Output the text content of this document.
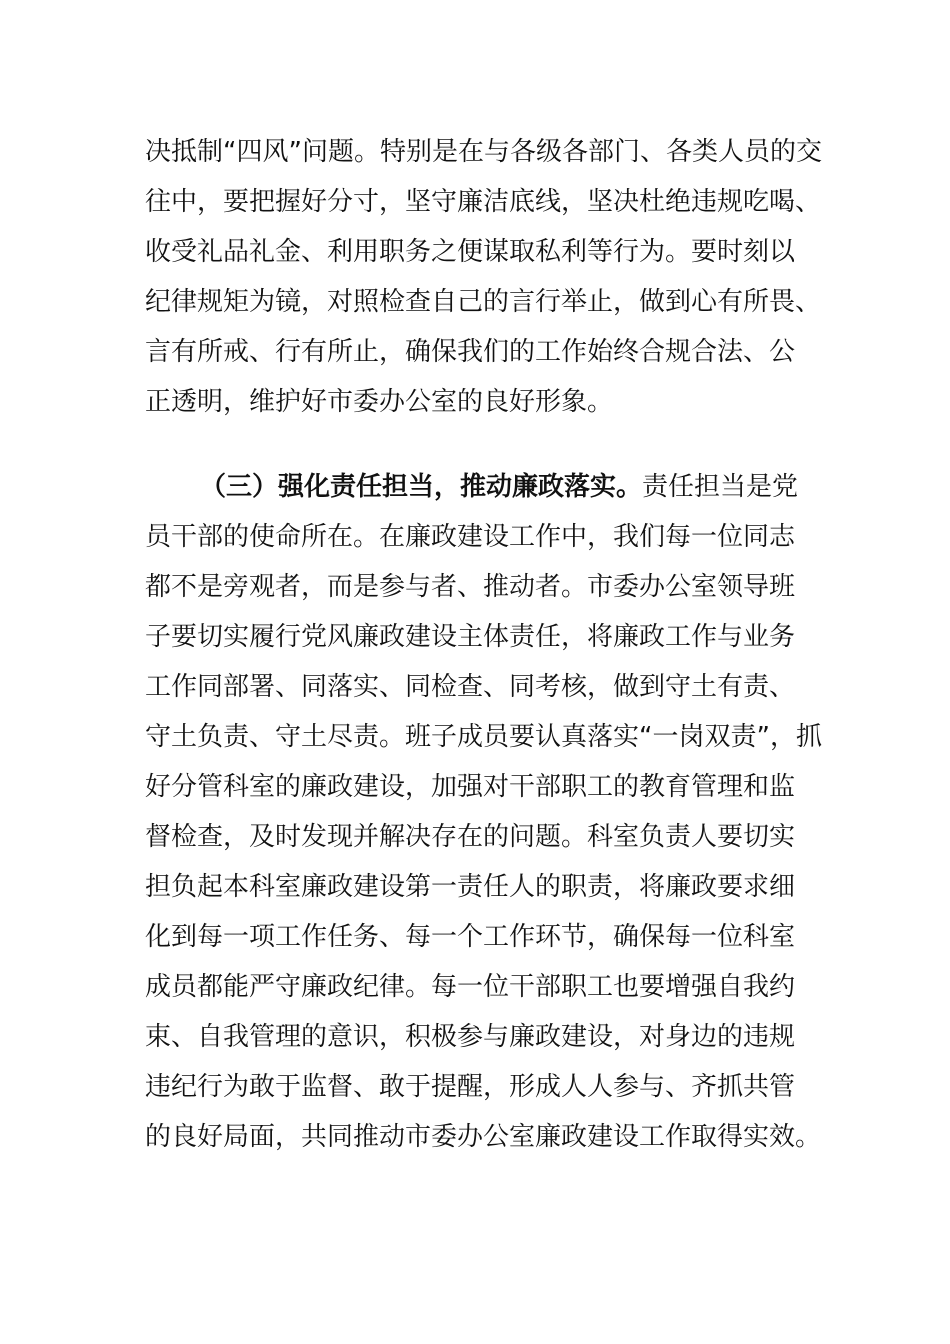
决抵制“四风”问题。特别是在与各级各部门、各类人员的交
往中，要把握好分寸，坚守廉洁底线，坚决杜绝违规吃喝、
收受礼品礼金、利用职务之便谋取私利等行为。要时刻以
纪律规矩为镜，对照检查自己的言行举止，做到心有所畏、
言有所戒、行有所止，确保我们的工作始终合规合法、公
正透明，维护好市委办公室的良好形象。
（三）强化责任担当，推动廉政落实。责任担当是党
员干部的使命所在。在廉政建设工作中，我们每一位同志
都不是旁观者，而是参与者、推动者。市委办公室领导班
子要切实履行党风廉政建设主体责任，将廉政工作与业务
工作同部署、同落实、同检查、同考核，做到守土有责、
守土负责、守土尽责。班子成员要认真落实“一岗双责”，抓
好分管科室的廉政建设，加强对干部职工的教育管理和监
督检查，及时发现并解决存在的问题。科室负责人要切实
担负起本科室廉政建设第一责任人的职责，将廉政要求细
化到每一项工作任务、每一个工作环节，确保每一位科室
成员都能严守廉政纪律。每一位干部职工也要增强自我约
束、自我管理的意识，积极参与廉政建设，对身边的违规
违纪行为敢于监督、敢于提醒，形成人人参与、齐抓共管
的良好局面，共同推动市委办公室廉政建设工作取得实效。
